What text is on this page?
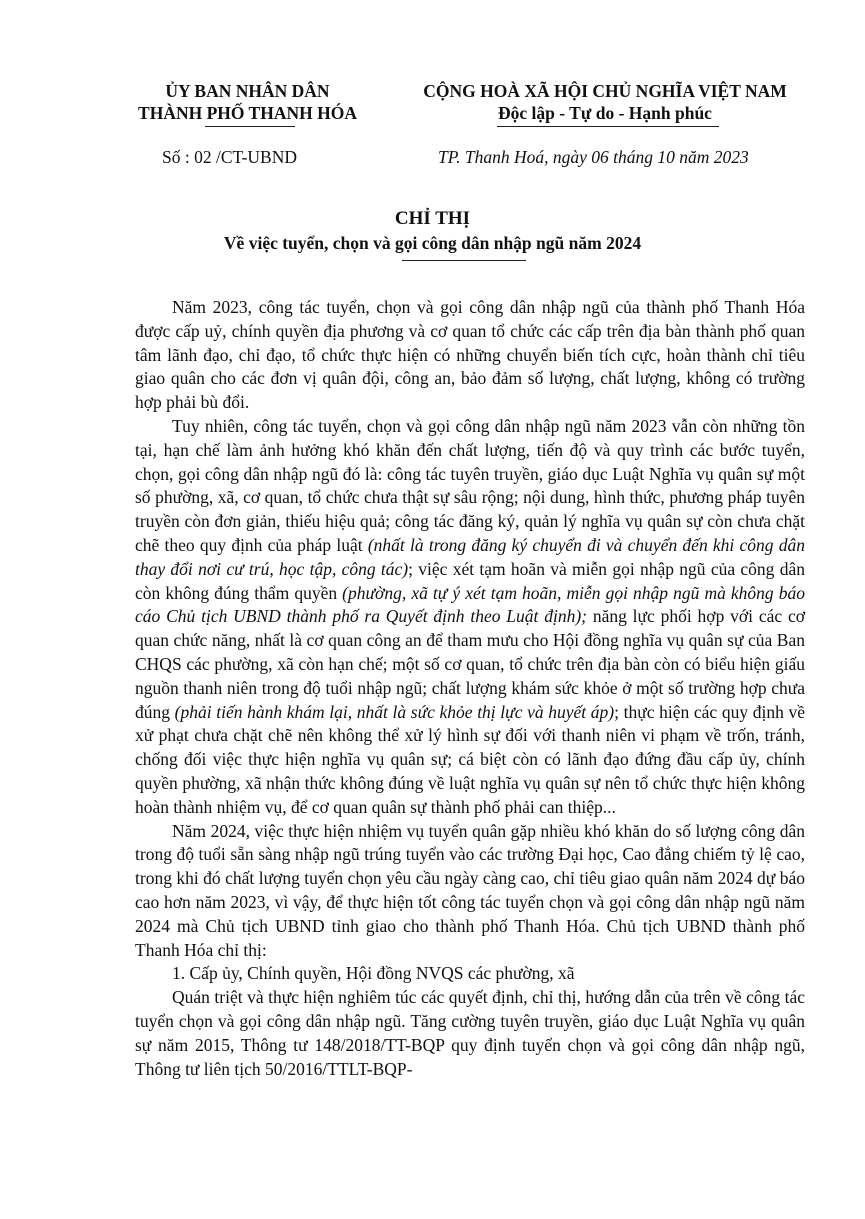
ỦY BAN NHÂN DÂN
THÀNH PHỐ THANH HÓA
CỘNG HOÀ XÃ HỘI CHỦ NGHĨA VIỆT NAM
Độc lập - Tự do - Hạnh phúc
Số : 02 /CT-UBND	TP. Thanh Hoá, ngày 06 tháng 10 năm 2023
CHỈ THỊ
Về việc tuyển, chọn và gọi công dân nhập ngũ năm 2024

Năm 2023, công tác tuyển, chọn và gọi công dân nhập ngũ của thành phố Thanh Hóa được cấp uỷ, chính quyền địa phương và cơ quan tổ chức các cấp trên địa bàn thành phố quan tâm lãnh đạo, chỉ đạo, tổ chức thực hiện có những chuyển biến tích cực, hoàn thành chỉ tiêu giao quân cho các đơn vị quân đội, công an, bảo đảm số lượng, chất lượng, không có trường hợp phải bù đổi.

Tuy nhiên, công tác tuyển, chọn và gọi công dân nhập ngũ năm 2023 vẫn còn những tồn tại, hạn chế làm ảnh hưởng khó khăn đến chất lượng, tiến độ và quy trình các bước tuyển, chọn, gọi công dân nhập ngũ đó là: công tác tuyên truyền, giáo dục Luật Nghĩa vụ quân sự một số phường, xã, cơ quan, tổ chức chưa thật sự sâu rộng; nội dung, hình thức, phương pháp tuyên truyền còn đơn giản, thiếu hiệu quả; công tác đăng ký, quản lý nghĩa vụ quân sự còn chưa chặt chẽ theo quy định của pháp luật (nhất là trong đăng ký chuyển đi và chuyển đến khi công dân thay đổi nơi cư trú, học tập, công tác); việc xét tạm hoãn và miễn gọi nhập ngũ của công dân còn không đúng thẩm quyền (phường, xã tự ý xét tạm hoãn, miễn gọi nhập ngũ mà không báo cáo Chủ tịch UBND thành phố ra Quyết định theo Luật định); năng lực phối hợp với các cơ quan chức năng, nhất là cơ quan công an để tham mưu cho Hội đồng nghĩa vụ quân sự của Ban CHQS các phường, xã còn hạn chế; một số cơ quan, tổ chức trên địa bàn còn có biểu hiện giấu nguồn thanh niên trong độ tuổi nhập ngũ; chất lượng khám sức khỏe ở một số trường hợp chưa đúng (phải tiến hành khám lại, nhất là sức khỏe thị lực và huyết áp); thực hiện các quy định về xử phạt chưa chặt chẽ nên không thể xử lý hình sự đối với thanh niên vi phạm về trốn, tránh, chống đối việc thực hiện nghĩa vụ quân sự; cá biệt còn có lãnh đạo đứng đầu cấp ủy, chính quyền phường, xã nhận thức không đúng về luật nghĩa vụ quân sự nên tổ chức thực hiện không hoàn thành nhiệm vụ, để cơ quan quân sự thành phố phải can thiệp...

Năm 2024, việc thực hiện nhiệm vụ tuyển quân gặp nhiều khó khăn do số lượng công dân trong độ tuổi sẵn sàng nhập ngũ trúng tuyển vào các trường Đại học, Cao đẳng chiếm tỷ lệ cao, trong khi đó chất lượng tuyển chọn yêu cầu ngày càng cao, chỉ tiêu giao quân năm 2024 dự báo cao hơn năm 2023, vì vậy, để thực hiện tốt công tác tuyển chọn và gọi công dân nhập ngũ năm 2024 mà Chủ tịch UBND tỉnh giao cho thành phố Thanh Hóa. Chủ tịch UBND thành phố Thanh Hóa chỉ thị:

1. Cấp ủy, Chính quyền, Hội đồng NVQS các phường, xã

Quán triệt và thực hiện nghiêm túc các quyết định, chỉ thị, hướng dẫn của trên về công tác tuyển chọn và gọi công dân nhập ngũ. Tăng cường tuyên truyền, giáo dục Luật Nghĩa vụ quân sự năm 2015, Thông tư 148/2018/TT-BQP quy định tuyển chọn và gọi công dân nhập ngũ, Thông tư liên tịch 50/2016/TTLT-BQP-
